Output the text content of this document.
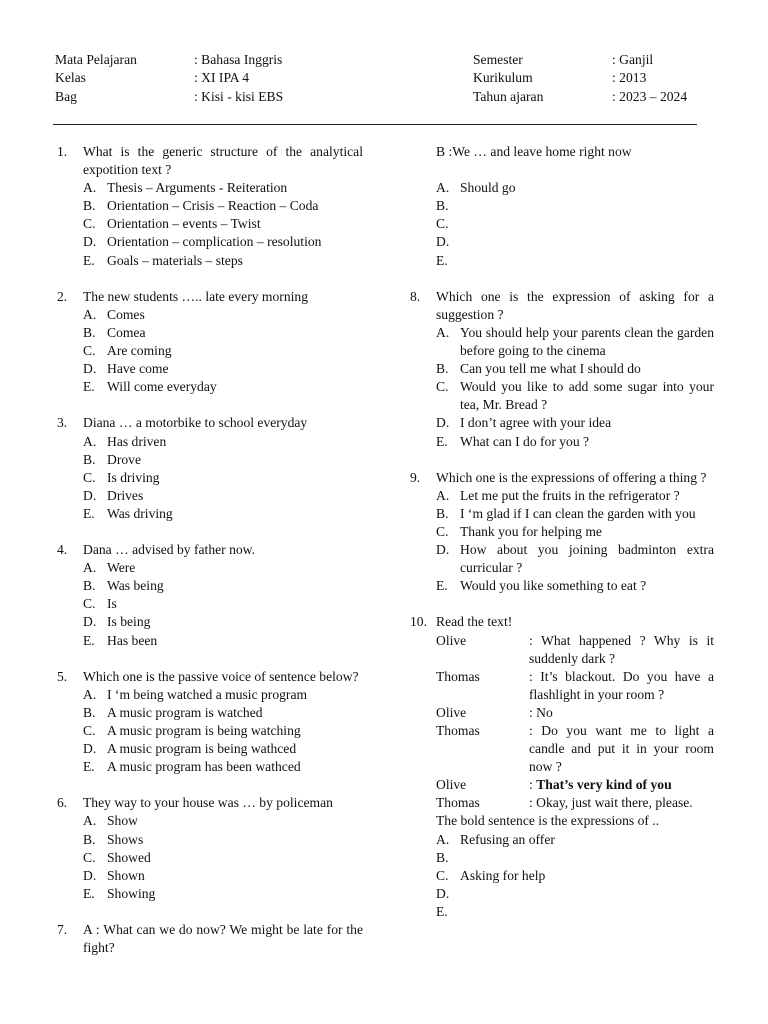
Mata Pelajaran	: Bahasa Inggris	Semester	: Ganjil
Kelas	: XI IPA 4	Kurikulum	: 2013
Bag	: Kisi - kisi EBS	Tahun ajaran	: 2023 – 2024
1.	What is the generic structure of the analytical expotition text ?
A. Thesis – Arguments - Reiteration
B. Orientation – Crisis – Reaction – Coda
C. Orientation – events – Twist
D. Orientation – complication – resolution
E. Goals – materials – steps
2.	The new students ….. late every morning
A. Comes
B. Comea
C. Are coming
D. Have come
E. Will come everyday
3.	Diana … a motorbike to school everyday
A. Has driven
B. Drove
C. Is driving
D. Drives
E. Was driving
4.	Dana … advised by father now.
A. Were
B. Was being
C. Is
D. Is being
E. Has been
5.	Which one is the passive voice of sentence below?
A. I ‘m being watched a music program
B. A music program is watched
C. A music program is being watching
D. A music program is being wathced
E. A music program has been wathced
6.	They way to your house was … by policeman
A. Show
B. Shows
C. Showed
D. Shown
E. Showing
7.	A : What can we do now? We might be late for the fight?
B :We … and leave home right now
A. Should go
B.
C.
D.
E.
8.	Which one is the expression of asking for a suggestion ?
A. You should help your parents clean the garden before going to the cinema
B. Can you tell me what I should do
C. Would you like to add some sugar into your tea, Mr. Bread ?
D. I don’t agree with your idea
E. What can I do for you ?
9.	Which one is the expressions of offering a thing ?
A. Let me put the fruits in the refrigerator ?
B. I ‘m glad if I can clean the garden with you
C. Thank you for helping me
D. How about you joining badminton extra curricular ?
E. Would you like something to eat ?
10. Read the text!
Olive	: What happened ? Why is it suddenly dark ?
Thomas	: It’s blackout. Do you have a flashlight in your room ?
Olive	: No
Thomas	: Do you want me to light a candle and put it in your room now ?
Olive	: That’s very kind of you
Thomas	: Okay, just wait there, please.
The bold sentence is the expressions of ..
A. Refusing an offer
B.
C. Asking for help
D.
E.
